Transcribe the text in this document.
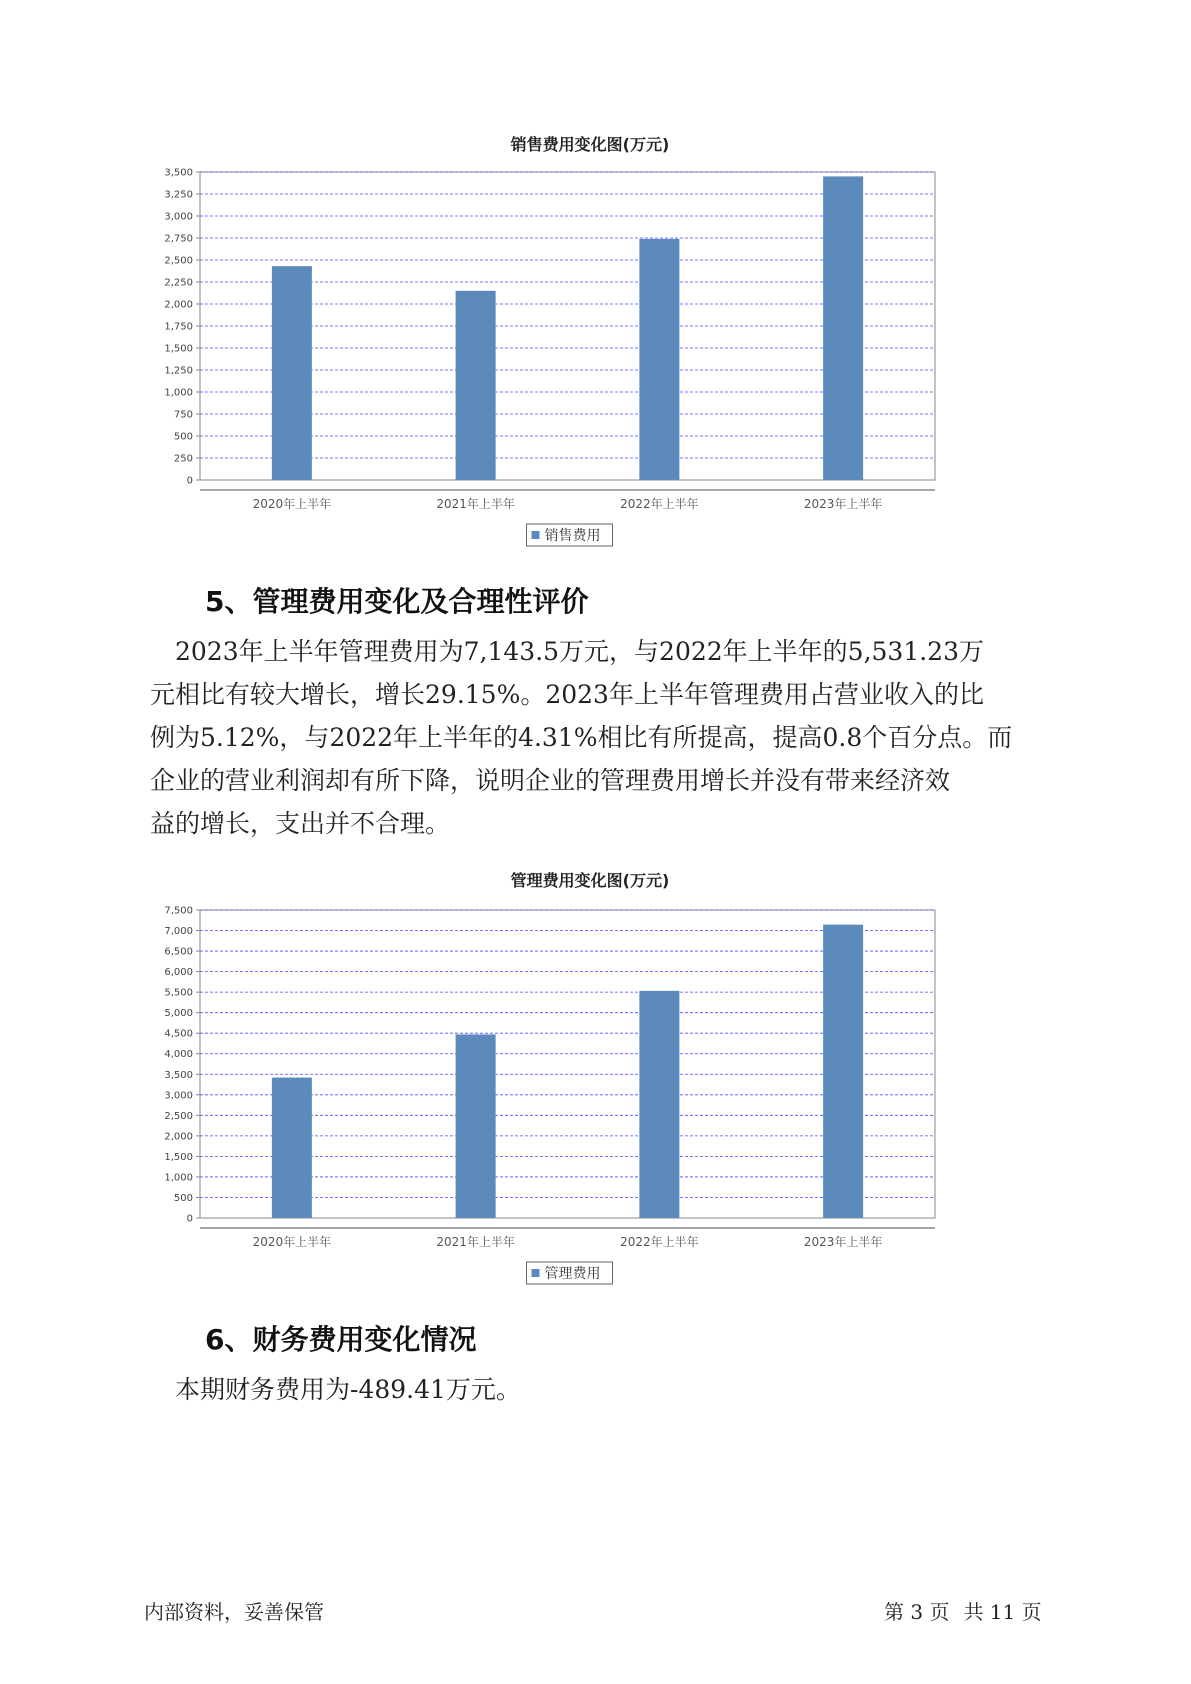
销售费用变化图(万元)
0
250
500
750
1,000
1,250
1,500
1,750
2,000
2,250
2,500
2,750
3,000
3,250
3,500
2020年上半年	2021年上半年	2022年上半年	2023年上半年
销售费用
5、管理费用变化及合理性评价

　2023年上半年管理费用为7,143.5万元，与2022年上半年的5,531.23万

元相比有较大增长，增长29.15%。2023年上半年管理费用占营业收入的比

例为5.12%，与2022年上半年的4.31%相比有所提高，提高0.8个百分点。而

企业的营业利润却有所下降，说明企业的管理费用增长并没有带来经济效

益的增长，支出并不合理。

管理费用变化图(万元)
0
500
1,000
1,500
2,000
2,500
3,000
3,500
4,000
4,500
5,000
5,500
6,000
6,500
7,000
7,500
2020年上半年	2021年上半年	2022年上半年	2023年上半年
管理费用
6、财务费用变化情况

　本期财务费用为-489.41万元。

内部资料，妥善保管	第 3 页 共 11 页
